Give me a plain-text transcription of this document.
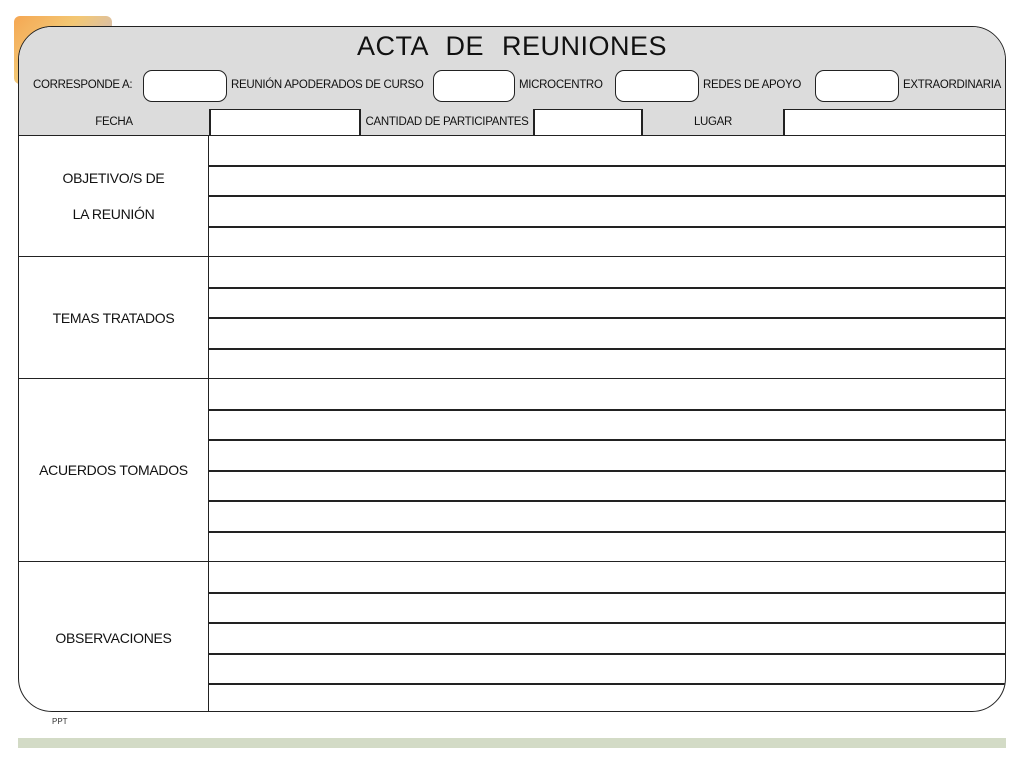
ACTA DE REUNIONES
CORRESPONDE A:	REUNIÓN APODERADOS DE CURSO	MICROCENTRO	REDES DE APOYO	EXTRAORDINARIA
FECHA	CANTIDAD DE PARTICIPANTES	LUGAR
OBJETIVO/S DE
LA REUNIÓN
TEMAS TRATADOS
ACUERDOS TOMADOS
OBSERVACIONES
PPT
